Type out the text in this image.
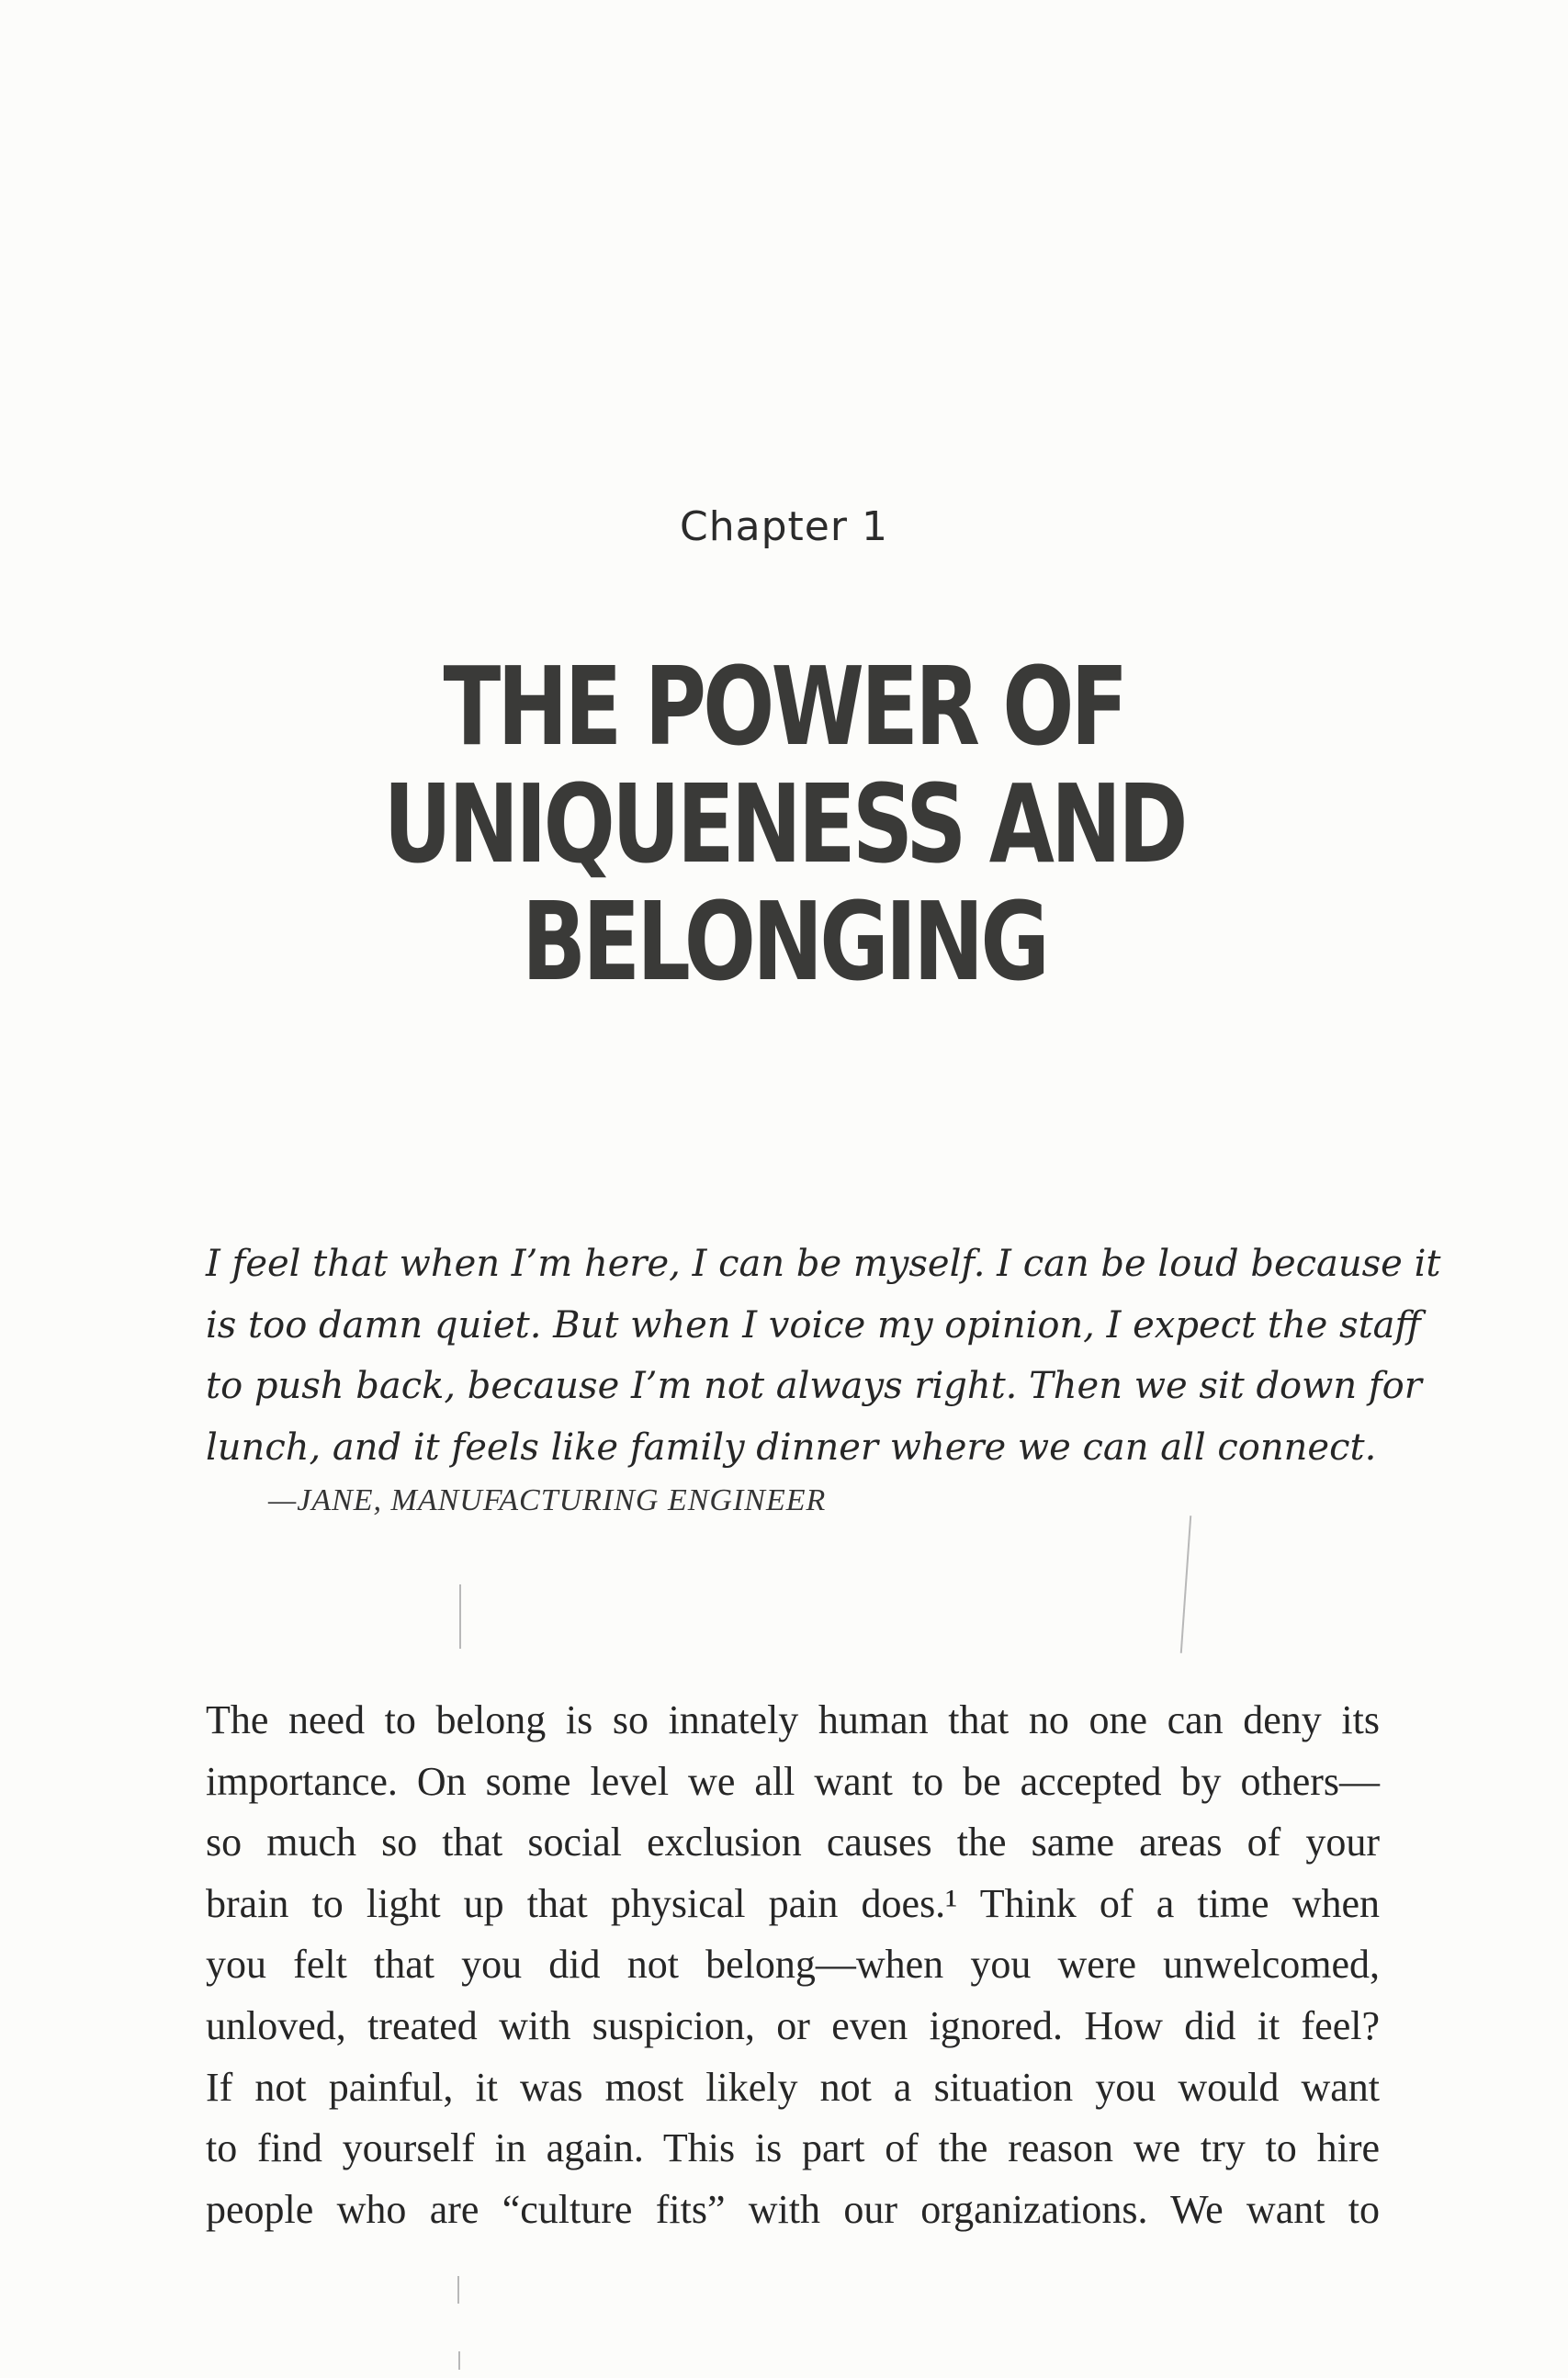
Chapter 1
THE POWER OF
UNIQUENESS AND
BELONGING
I feel that when I’m here, I can be myself. I can be loud because it
is too damn quiet. But when I voice my opinion, I expect the staff
to push back, because I’m not always right. Then we sit down for
lunch, and it feels like family dinner where we can all connect.
—JANE, MANUFACTURING ENGINEER
The need to belong is so innately human that no one can deny its
importance. On some level we all want to be accepted by others—
so much so that social exclusion causes the same areas of your
brain to light up that physical pain does.¹ Think of a time when
you felt that you did not belong—when you were unwelcomed,
unloved, treated with suspicion, or even ignored. How did it feel?
If not painful, it was most likely not a situation you would want
to find yourself in again. This is part of the reason we try to hire
people who are “culture fits” with our organizations. We want to
